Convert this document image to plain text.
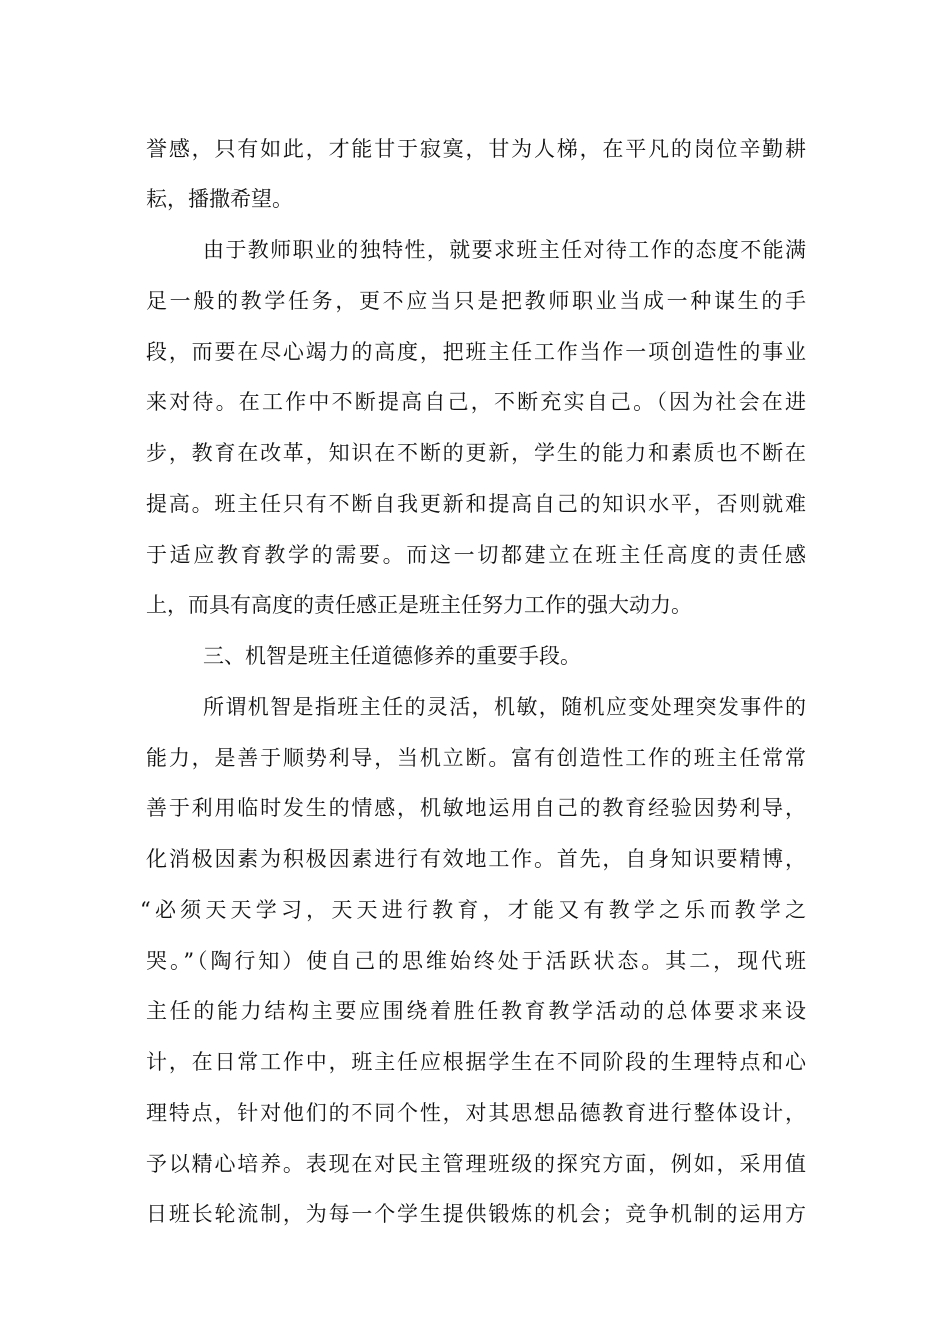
誉感，只有如此，才能甘于寂寞，甘为人梯，在平凡的岗位辛勤耕
耘，播撒希望。
由于教师职业的独特性，就要求班主任对待工作的态度不能满
足一般的教学任务，更不应当只是把教师职业当成一种谋生的手
段，而要在尽心竭力的高度，把班主任工作当作一项创造性的事业
来对待。在工作中不断提高自己，不断充实自己。（因为社会在进
步，教育在改革，知识在不断的更新，学生的能力和素质也不断在
提高。班主任只有不断自我更新和提高自己的知识水平，否则就难
于适应教育教学的需要。而这一切都建立在班主任高度的责任感
上，而具有高度的责任感正是班主任努力工作的强大动力。
三、机智是班主任道德修养的重要手段。
所谓机智是指班主任的灵活，机敏，随机应变处理突发事件的
能力，是善于顺势利导，当机立断。富有创造性工作的班主任常常
善于利用临时发生的情感，机敏地运用自己的教育经验因势利导，
化消极因素为积极因素进行有效地工作。首先，自身知识要精博，
“必须天天学习，天天进行教育，才能又有教学之乐而教学之
哭。”（陶行知）使自己的思维始终处于活跃状态。其二，现代班
主任的能力结构主要应围绕着胜任教育教学活动的总体要求来设
计，在日常工作中，班主任应根据学生在不同阶段的生理特点和心
理特点，针对他们的不同个性，对其思想品德教育进行整体设计，
予以精心培养。表现在对民主管理班级的探究方面，例如，采用值
日班长轮流制，为每一个学生提供锻炼的机会；竞争机制的运用方
